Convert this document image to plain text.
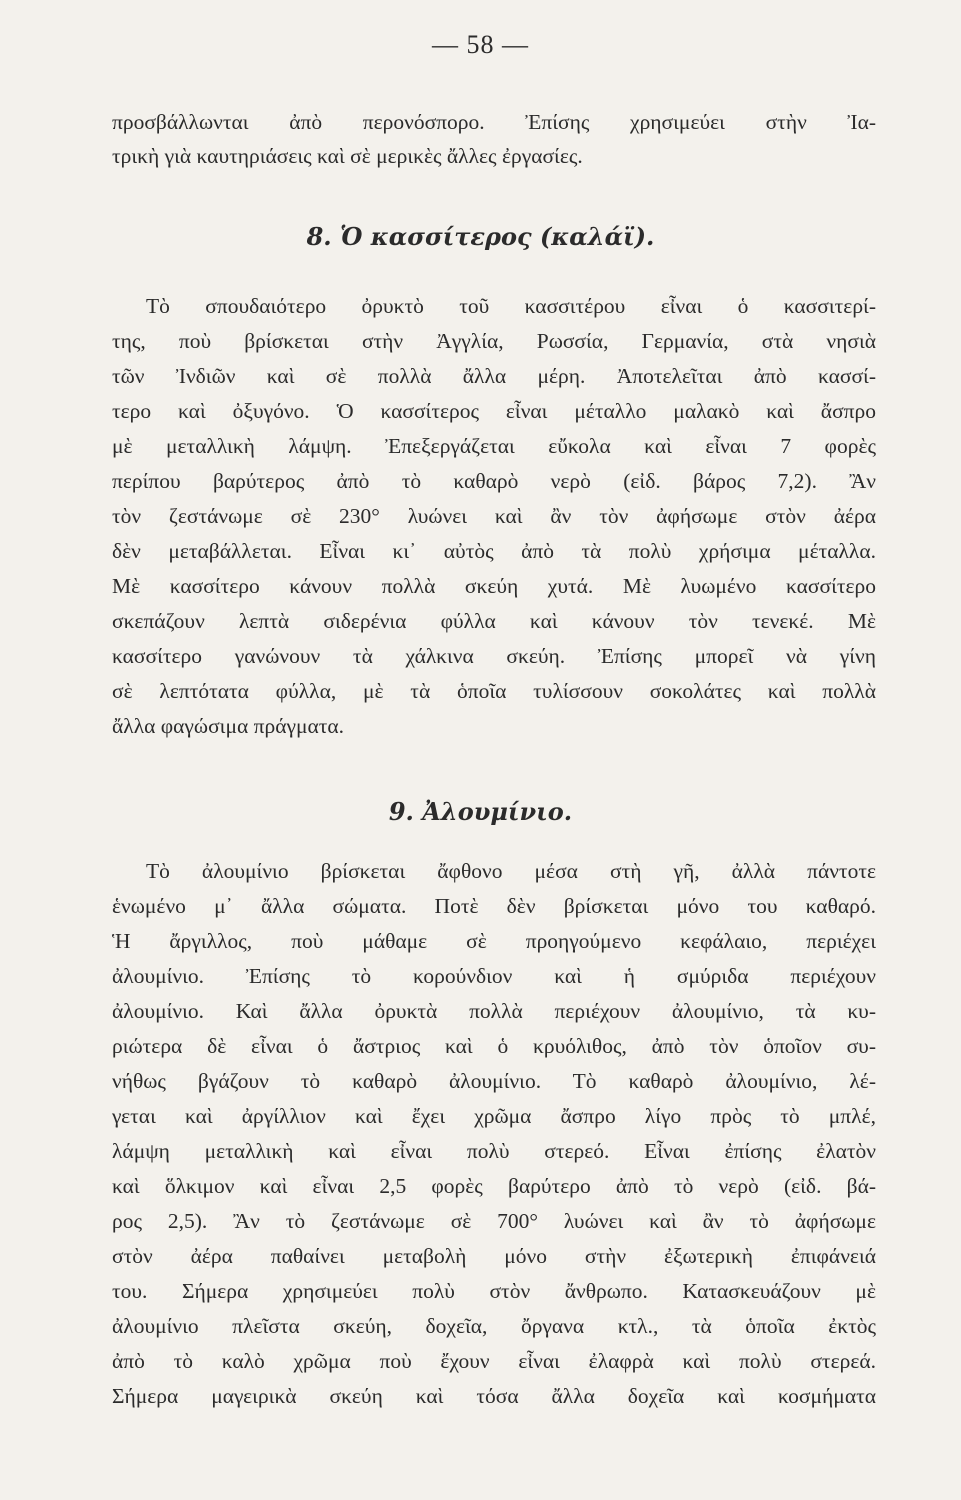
— 58 —
προσβάλλωνται ἀπὸ περονόσπορο. Ἐπίσης χρησιμεύει στὴν Ἰα-
τρικὴ γιὰ καυτηριάσεις καὶ σὲ μερικὲς ἄλλες ἐργασίες.
8. Ὁ κασσίτερος (καλάϊ).
Τὸ σπουδαιότερο ὀρυκτὸ τοῦ κασσιτέρου εἶναι ὁ κασσιτερί-
της, ποὺ βρίσκεται στὴν Ἀγγλία, Ρωσσία, Γερμανία, στὰ νησιὰ
τῶν Ἰνδιῶν καὶ σὲ πολλὰ ἄλλα μέρη. Ἀποτελεῖται ἀπὸ κασσί-
τερο καὶ ὀξυγόνο. Ὁ κασσίτερος εἶναι μέταλλο μαλακὸ καὶ ἄσπρο
μὲ μεταλλικὴ λάμψη. Ἐπεξεργάζεται εὔκολα καὶ εἶναι 7 φορὲς
περίπου βαρύτερος ἀπὸ τὸ καθαρὸ νερὸ (εἰδ. βάρος 7,2). Ἂν
τὸν ζεστάνωμε σὲ 230° λυώνει καὶ ἂν τὸν ἀφήσωμε στὸν ἀέρα
δὲν μεταβάλλεται. Εἶναι κι᾿ αὐτὸς ἀπὸ τὰ πολὺ χρήσιμα μέταλλα.
Μὲ κασσίτερο κάνουν πολλὰ σκεύη χυτά. Μὲ λυωμένο κασσίτερο
σκεπάζουν λεπτὰ σιδερένια φύλλα καὶ κάνουν τὸν τενεκέ. Μὲ
κασσίτερο γανώνουν τὰ χάλκινα σκεύη. Ἐπίσης μπορεῖ νὰ γίνη
σὲ λεπτότατα φύλλα, μὲ τὰ ὁποῖα τυλίσσουν σοκολάτες καὶ πολλὰ
ἄλλα φαγώσιμα πράγματα.
9. Ἀλουμίνιο.
Τὸ ἀλουμίνιο βρίσκεται ἄφθονο μέσα στὴ γῆ, ἀλλὰ πάντοτε
ἑνωμένο μ᾿ ἄλλα σώματα. Ποτὲ δὲν βρίσκεται μόνο του καθαρό.
Ἡ ἄργιλλος, ποὺ μάθαμε σὲ προηγούμενο κεφάλαιο, περιέχει
ἀλουμίνιο. Ἐπίσης τὸ κορούνδιον καὶ ἡ σμύριδα περιέχουν
ἀλουμίνιο. Καὶ ἄλλα ὀρυκτὰ πολλὰ περιέχουν ἀλουμίνιο, τὰ κυ-
ριώτερα δὲ εἶναι ὁ ἄστριος καὶ ὁ κρυόλιθος, ἀπὸ τὸν ὁποῖον συ-
νήθως βγάζουν τὸ καθαρὸ ἀλουμίνιο. Τὸ καθαρὸ ἀλουμίνιο, λέ-
γεται καὶ ἀργίλλιον καὶ ἔχει χρῶμα ἄσπρο λίγο πρὸς τὸ μπλέ,
λάμψη μεταλλικὴ καὶ εἶναι πολὺ στερεό. Εἶναι ἐπίσης ἐλατὸν
καὶ ὅλκιμον καὶ εἶναι 2,5 φορὲς βαρύτερο ἀπὸ τὸ νερὸ (εἰδ. βά-
ρος 2,5). Ἂν τὸ ζεστάνωμε σὲ 700° λυώνει καὶ ἂν τὸ ἀφήσωμε
στὸν ἀέρα παθαίνει μεταβολὴ μόνο στὴν ἐξωτερικὴ ἐπιφάνειά
του. Σήμερα χρησιμεύει πολὺ στὸν ἄνθρωπο. Κατασκευάζουν μὲ
ἀλουμίνιο πλεῖστα σκεύη, δοχεῖα, ὄργανα κτλ., τὰ ὁποῖα ἐκτὸς
ἀπὸ τὸ καλὸ χρῶμα ποὺ ἔχουν εἶναι ἐλαφρὰ καὶ πολὺ στερεά.
Σήμερα μαγειρικὰ σκεύη καὶ τόσα ἄλλα δοχεῖα καὶ κοσμήματα
